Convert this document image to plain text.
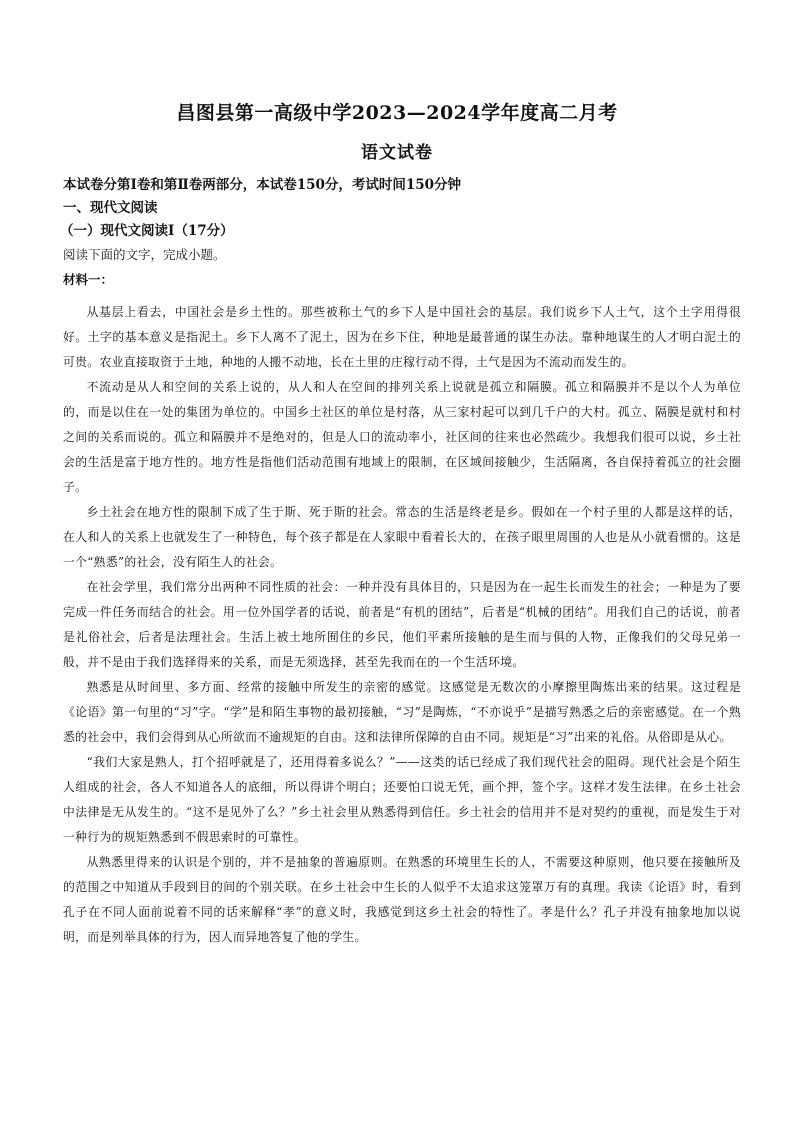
昌图县第一高级中学2023—2024学年度高二月考
语文试卷
本试卷分第Ⅰ卷和第Ⅱ卷两部分，本试卷150分，考试时间150分钟
一、现代文阅读
（一）现代文阅读Ⅰ（17分）
阅读下面的文字，完成小题。
材料一：

从基层上看去，中国社会是乡土性的。那些被称土气的乡下人是中国社会的基层。我们说乡下人土气，这个土字用得很好。土字的基本意义是指泥土。乡下人离不了泥土，因为在乡下住，种地是最普通的谋生办法。靠种地谋生的人才明白泥土的可贵。农业直接取资于土地，种地的人搬不动地，长在土里的庄稼行动不得，土气是因为不流动而发生的。

不流动是从人和空间的关系上说的，从人和人在空间的排列关系上说就是孤立和隔膜。孤立和隔膜并不是以个人为单位的，而是以住在一处的集团为单位的。中国乡土社区的单位是村落，从三家村起可以到几千户的大村。孤立、隔膜是就村和村之间的关系而说的。孤立和隔膜并不是绝对的，但是人口的流动率小，社区间的往来也必然疏少。我想我们很可以说，乡土社会的生活是富于地方性的。地方性是指他们活动范围有地域上的限制，在区域间接触少，生活隔离，各自保持着孤立的社会圈子。

乡土社会在地方性的限制下成了生于斯、死于斯的社会。常态的生活是终老是乡。假如在一个村子里的人都是这样的话，在人和人的关系上也就发生了一种特色，每个孩子都是在人家眼中看着长大的，在孩子眼里周围的人也是从小就看惯的。这是一个“熟悉”的社会，没有陌生人的社会。

在社会学里，我们常分出两种不同性质的社会：一种并没有具体目的，只是因为在一起生长而发生的社会；一种是为了要完成一件任务而结合的社会。用一位外国学者的话说，前者是“有机的团结”，后者是“机械的团结”。用我们自己的话说，前者是礼俗社会，后者是法理社会。生活上被土地所囿住的乡民，他们平素所接触的是生而与俱的人物，正像我们的父母兄弟一般，并不是由于我们选择得来的关系，而是无须选择，甚至先我而在的一个生活环境。

熟悉是从时间里、多方面、经常的接触中所发生的亲密的感觉。这感觉是无数次的小摩擦里陶炼出来的结果。这过程是《论语》第一句里的“习”字。“学”是和陌生事物的最初接触，“习”是陶炼，“不亦说乎”是描写熟悉之后的亲密感觉。在一个熟悉的社会中，我们会得到从心所欲而不逾规矩的自由。这和法律所保障的自由不同。规矩是“习”出来的礼俗。从俗即是从心。

“我们大家是熟人，打个招呼就是了，还用得着多说么？”——这类的话已经成了我们现代社会的阻碍。现代社会是个陌生人组成的社会，各人不知道各人的底细，所以得讲个明白；还要怕口说无凭，画个押，签个字。这样才发生法律。在乡土社会中法律是无从发生的。“这不是见外了么？”乡土社会里从熟悉得到信任。乡土社会的信用并不是对契约的重视，而是发生于对一种行为的规矩熟悉到不假思索时的可靠性。

从熟悉里得来的认识是个别的，并不是抽象的普遍原则。在熟悉的环境里生长的人，不需要这种原则，他只要在接触所及的范围之中知道从手段到目的间的个别关联。在乡土社会中生长的人似乎不太追求这笼罩万有的真理。我读《论语》时，看到孔子在不同人面前说着不同的话来解释“孝”的意义时，我感觉到这乡土社会的特性了。孝是什么？孔子并没有抽象地加以说明，而是列举具体的行为，因人而异地答复了他的学生。
